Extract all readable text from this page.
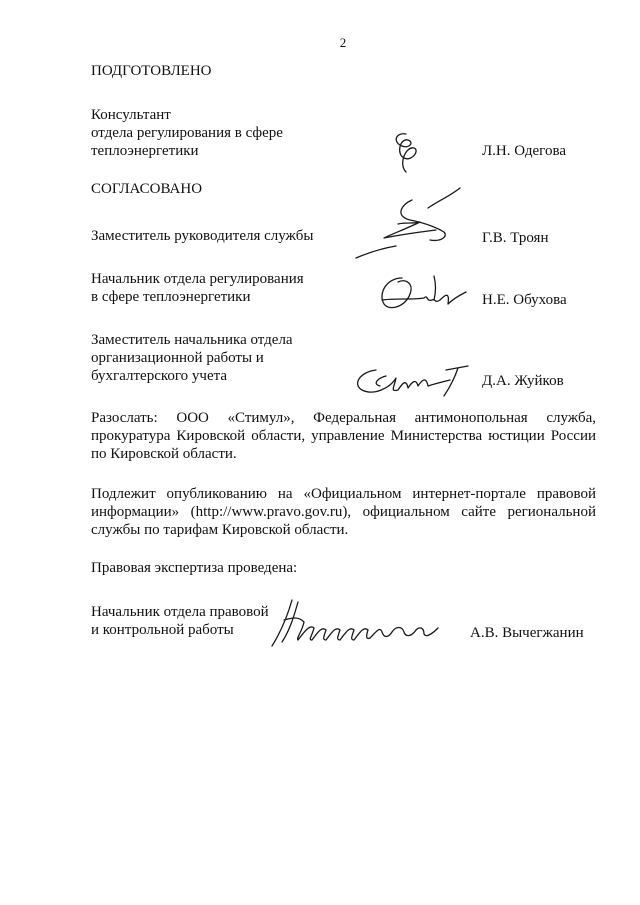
2
ПОДГОТОВЛЕНО
Консультант
отдела регулирования в сфере
теплоэнергетики	Л.Н. Одегова
СОГЛАСОВАНО
Заместитель руководителя службы	Г.В. Троян
Начальник отдела регулирования
в сфере теплоэнергетики	Н.Е. Обухова
Заместитель начальника отдела
организационной работы и
бухгалтерского учета	Д.А. Жуйков
Разослать: ООО «Стимул», Федеральная антимонопольная служба,
прокуратура Кировской области, управление Министерства юстиции России
по Кировской области.
Подлежит опубликованию на «Официальном интернет-портале правовой
информации» (http://www.pravo.gov.ru), официальном сайте региональной
службы по тарифам Кировской области.
Правовая экспертиза проведена:
Начальник отдела правовой
и контрольной работы	А.В. Вычегжанин
